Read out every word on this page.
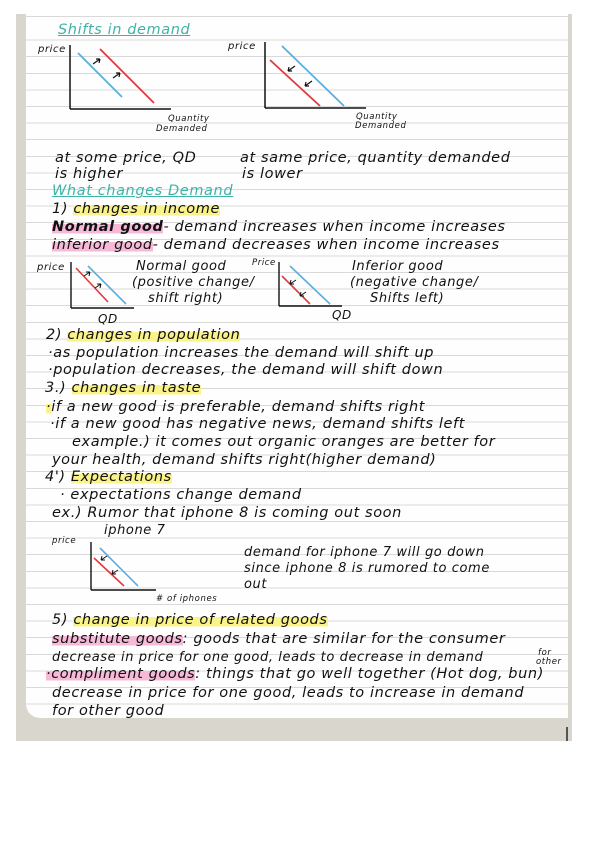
Shifts in demand
price
Quantity
Demanded
price
Quantity
Demanded
at some price, QD
is higher
at same price, quantity demanded
is lower
What changes Demand
1) changes in income
Normal good- demand increases when income increases
inferior good- demand decreases when income increases
price
QD
Normal good
(positive change/
shift right)
Price
QD
Inferior good
(negative change/
Shifts left)
2) changes in population
·as population increases the demand will shift up
·population decreases, the demand will shift down
3.) changes in taste
·if a new good is preferable, demand shifts right
·if a new good has negative news, demand shifts left
example.) it comes out organic oranges are better for
your health, demand shifts right(higher demand)
4') Expectations
· expectations change demand
ex.) Rumor that iphone 8 is coming out soon
iphone 7
price
# of iphones
demand for iphone 7 will go down
since iphone 8 is rumored to come
out
5) change in price of related goods
substitute goods: goods that are similar for the consumer
decrease in price for one good, leads to decrease in demand	for
other
·compliment goods: things that go well together (Hot dog, bun)
decrease in price for one good, leads to increase in demand
for other good
